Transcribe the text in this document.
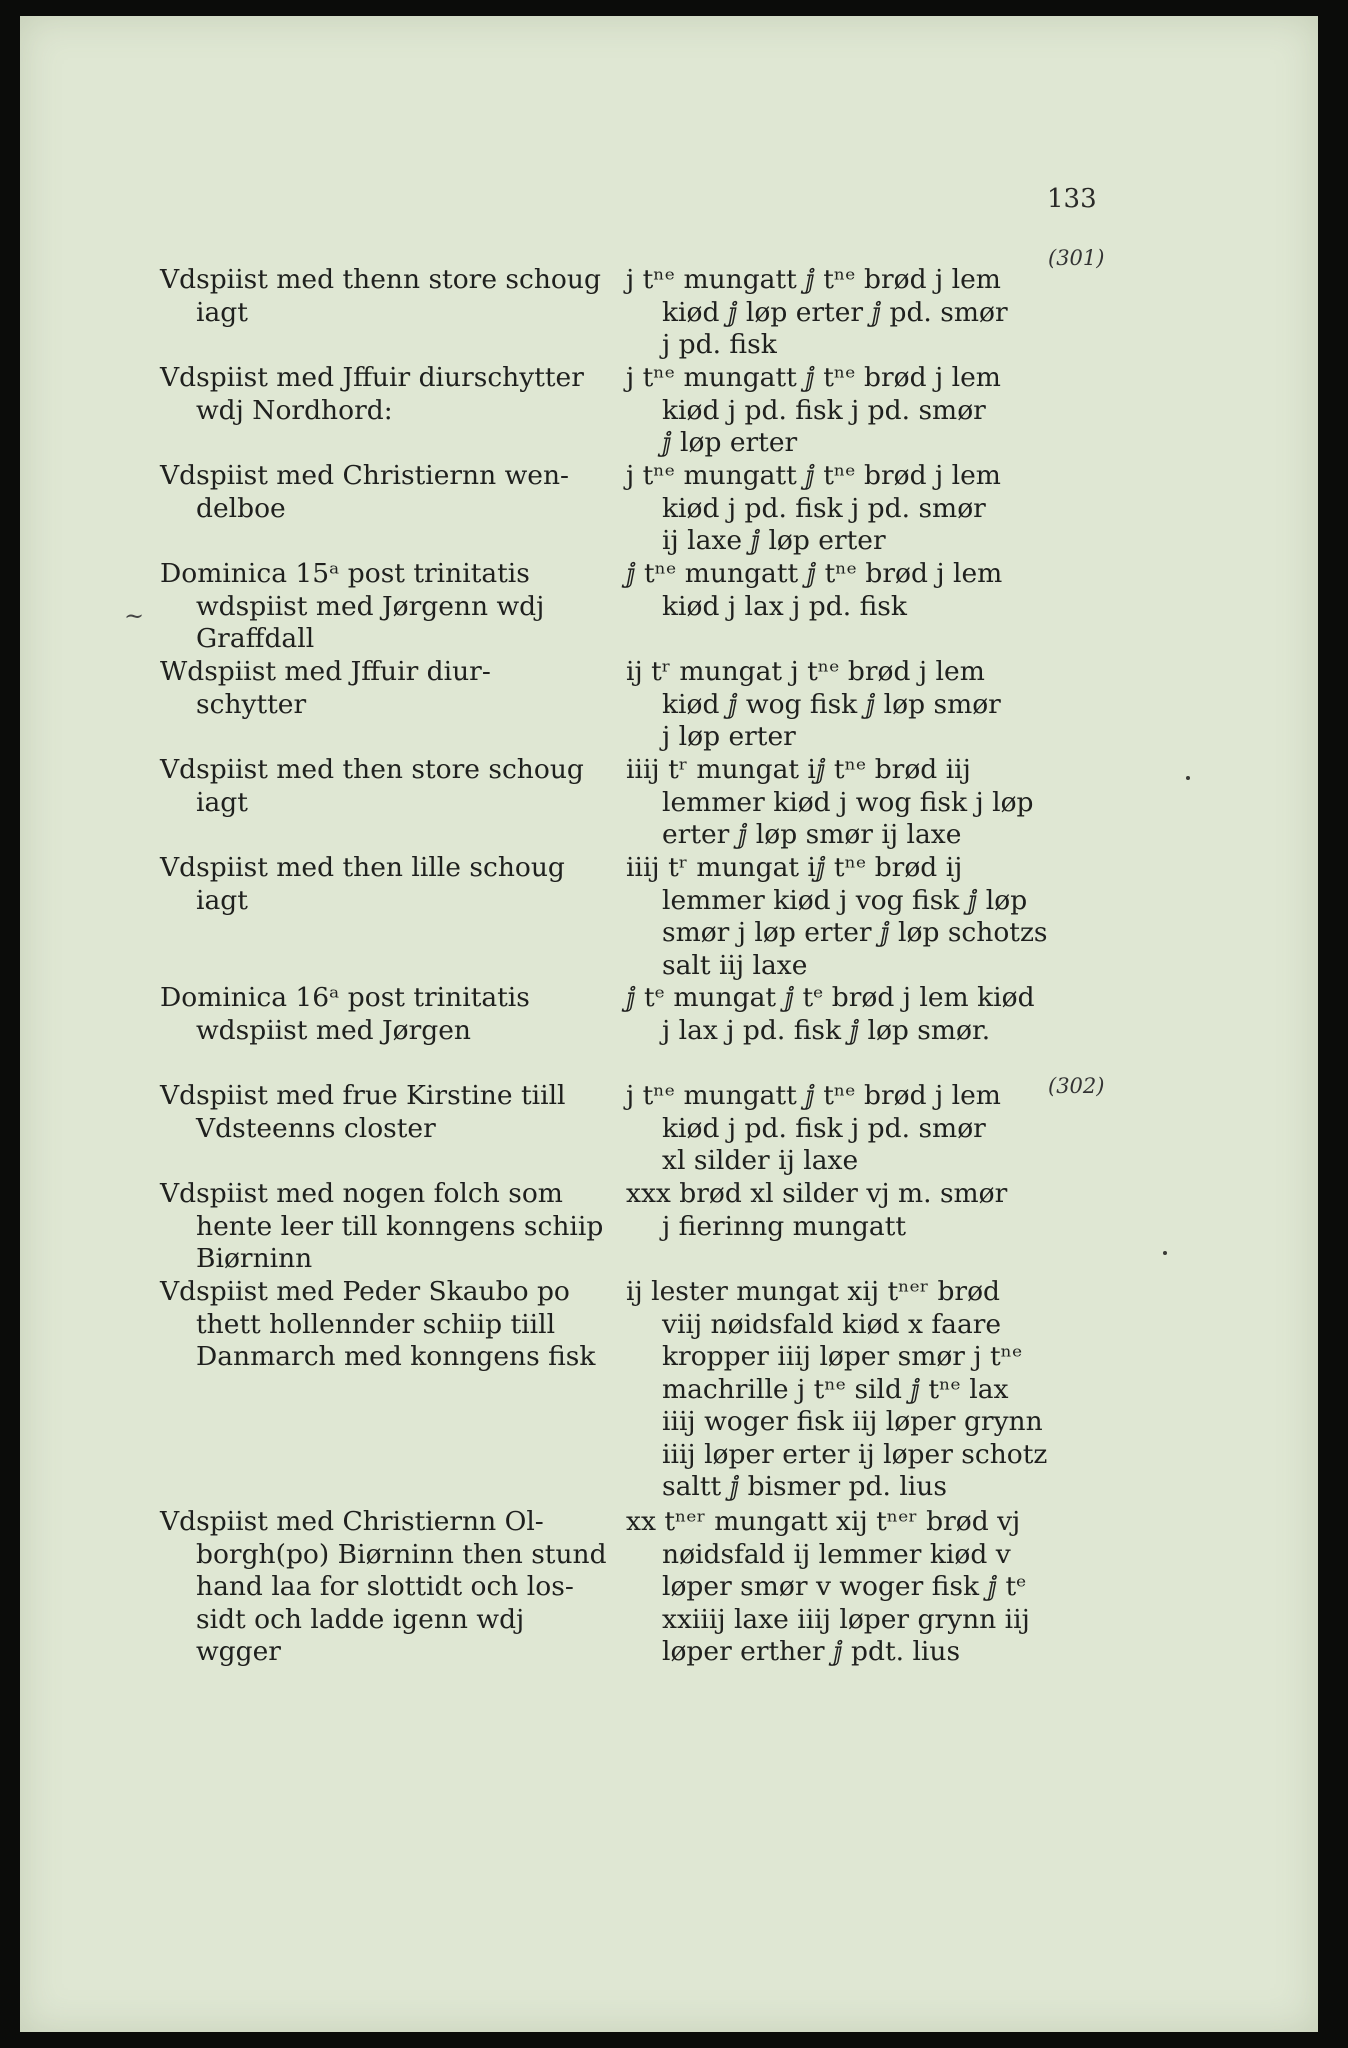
133
(301)
(302)
~
Vdspiist med thenn store schoug
iagt
j tⁿᵉ mungatt ⅉ tⁿᵉ brød j lem
kiød ⅉ løp erter ⅉ pd. smør
j pd. fisk
Vdspiist med Jffuir diurschytter
wdj Nordhord:
j tⁿᵉ mungatt ⅉ tⁿᵉ brød j lem
kiød j pd. fisk j pd. smør
ⅉ løp erter
Vdspiist med Christiernn wen-
delboe
j tⁿᵉ mungatt ⅉ tⁿᵉ brød j lem
kiød j pd. fisk j pd. smør
ij laxe ⅉ løp erter
Dominica 15ᵃ post trinitatis
wdspiist med Jørgenn wdj
Graffdall
ⅉ tⁿᵉ mungatt ⅉ tⁿᵉ brød j lem
kiød j lax j pd. fisk
Wdspiist med Jffuir diur-
schytter
ij tʳ mungat j tⁿᵉ brød j lem
kiød ⅉ wog fisk ⅉ løp smør
j løp erter
Vdspiist med then store schoug
iagt
iiij tʳ mungat iⅉ tⁿᵉ brød iij
lemmer kiød j wog fisk j løp
erter ⅉ løp smør ij laxe
Vdspiist med then lille schoug
iagt
iiij tʳ mungat iⅉ tⁿᵉ brød ij
lemmer kiød j vog fisk ⅉ løp
smør j løp erter ⅉ løp schotzs
salt iij laxe
Dominica 16ᵃ post trinitatis
wdspiist med Jørgen
ⅉ tᵉ mungat ⅉ tᵉ brød j lem kiød
j lax j pd. fisk ⅉ løp smør.
Vdspiist med frue Kirstine tiill
Vdsteenns closter
j tⁿᵉ mungatt ⅉ tⁿᵉ brød j lem
kiød j pd. fisk j pd. smør
xl silder ij laxe
Vdspiist med nogen folch som
hente leer till konngens schiip
Biørninn
xxx brød xl silder vj m. smør
j fierinng mungatt
Vdspiist med Peder Skaubo po
thett hollennder schiip tiill
Danmarch med konngens fisk
ij lester mungat xij tⁿᵉʳ brød
viij nøidsfald kiød x faare
kropper iiij løper smør j tⁿᵉ
machrille j tⁿᵉ sild ⅉ tⁿᵉ lax
iiij woger fisk iij løper grynn
iiij løper erter ij løper schotz
saltt ⅉ bismer pd. lius
Vdspiist med Christiernn Ol-
borgh(po) Biørninn then stund
hand laa for slottidt och los-
sidt och ladde igenn wdj
wgger
xx tⁿᵉʳ mungatt xij tⁿᵉʳ brød vj
nøidsfald ij lemmer kiød v
løper smør v woger fisk ⅉ tᵉ
xxiiij laxe iiij løper grynn iij
løper erther ⅉ pdt. lius
